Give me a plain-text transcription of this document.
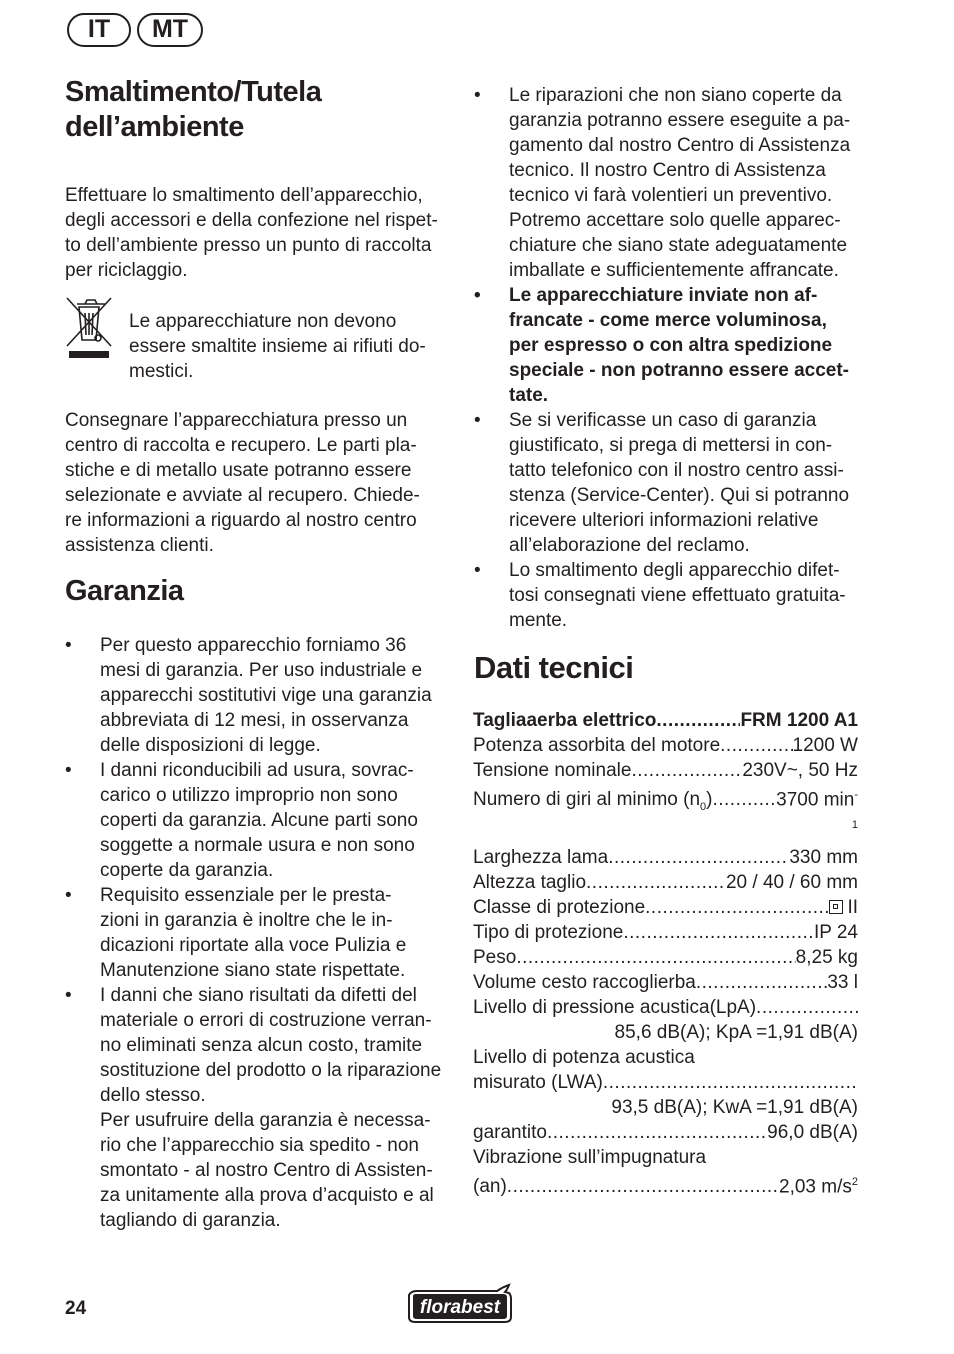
IT	MT
Smaltimento/Tutela
dell’ambiente

Effettuare lo smaltimento dell’apparecchio,
degli accessori e della confezione nel rispet-
to dell’ambiente presso un punto di raccolta
per riciclaggio.

Le apparecchiature non devono
essere smaltite insieme ai rifiuti do-
mestici.

Consegnare l’apparecchiatura presso un
centro di raccolta e recupero. Le parti pla-
stiche e di metallo usate potranno essere
selezionate e avviate al recupero. Chiede-
re informazioni a riguardo al nostro centro
assistenza clienti.

Garanzia
• Per questo apparecchio forniamo 36
mesi di garanzia. Per uso industriale e
apparecchi sostitutivi vige una garanzia
abbreviata di 12 mesi, in osservanza
delle disposizioni di legge.
• I danni riconducibili ad usura, sovrac-
carico o utilizzo improprio non sono
coperti da garanzia. Alcune parti sono
soggette a normale usura e non sono
coperte da garanzia.
• Requisito essenziale per le presta-
zioni in garanzia è inoltre che le in-
dicazioni riportate alla voce Pulizia e
Manutenzione siano state rispettate.
• I danni che siano risultati da difetti del
materiale o errori di costruzione verran-
no eliminati senza alcun costo, tramite
sostituzione del prodotto o la riparazione
dello stesso.
Per usufruire della garanzia è necessa-
rio che l’apparecchio sia spedito - non
smontato - al nostro Centro di Assisten-
za unitamente alla prova d’acquisto e al
tagliando di garanzia.
• Le riparazioni che non siano coperte da
garanzia potranno essere eseguite a pa-
gamento dal nostro Centro di Assistenza
tecnico. Il nostro Centro di Assistenza
tecnico vi farà volentieri un preventivo.
Potremo accettare solo quelle apparec-
chiature che siano state adeguatamente
imballate e sufficientemente affrancate.
• Le apparecchiature inviate non af-
francate - come merce voluminosa,
per espresso o con altra spedizione
speciale - non potranno essere accet-
tate.
• Se si verificasse un caso di garanzia
giustificato, si prega di mettersi in con-
tatto telefonico con il nostro centro assi-
stenza (Service-Center). Qui si potranno
ricevere ulteriori informazioni relative
all’elaborazione del reclamo.
• Lo smaltimento degli apparecchio difet-
tosi consegnati viene effettuato gratuita-
mente.
Dati tecnici
Tagliaaerba elettrico .....	FRM 1200 A1
Potenza assorbita del motore .....	1200 W
Tensione nominale .....	230V~, 50 Hz
Numero di giri al minimo $(n_0)$ .....	3700 min-
1
Larghezza lama .....	330 mm
Altezza taglio .....	20 / 40 / 60 mm
Classe di protezione .....	II
Tipo di protezione .....	IP 24
Peso .....	8,25 kg
Volume cesto raccoglierba .....	33 l
Livello di pressione acustica(LpA)
.....
85,6 dB(A); KpA =1,91 dB(A)
Livello di potenza acustica
misurato (LWA)
.....
93,5 dB(A); KwA =1,91 dB(A)
garantito .....	96,0 dB(A)
Vibrazione sull’impugnatura
(an) .....	2,03 $m/s^2$
24	florabest
